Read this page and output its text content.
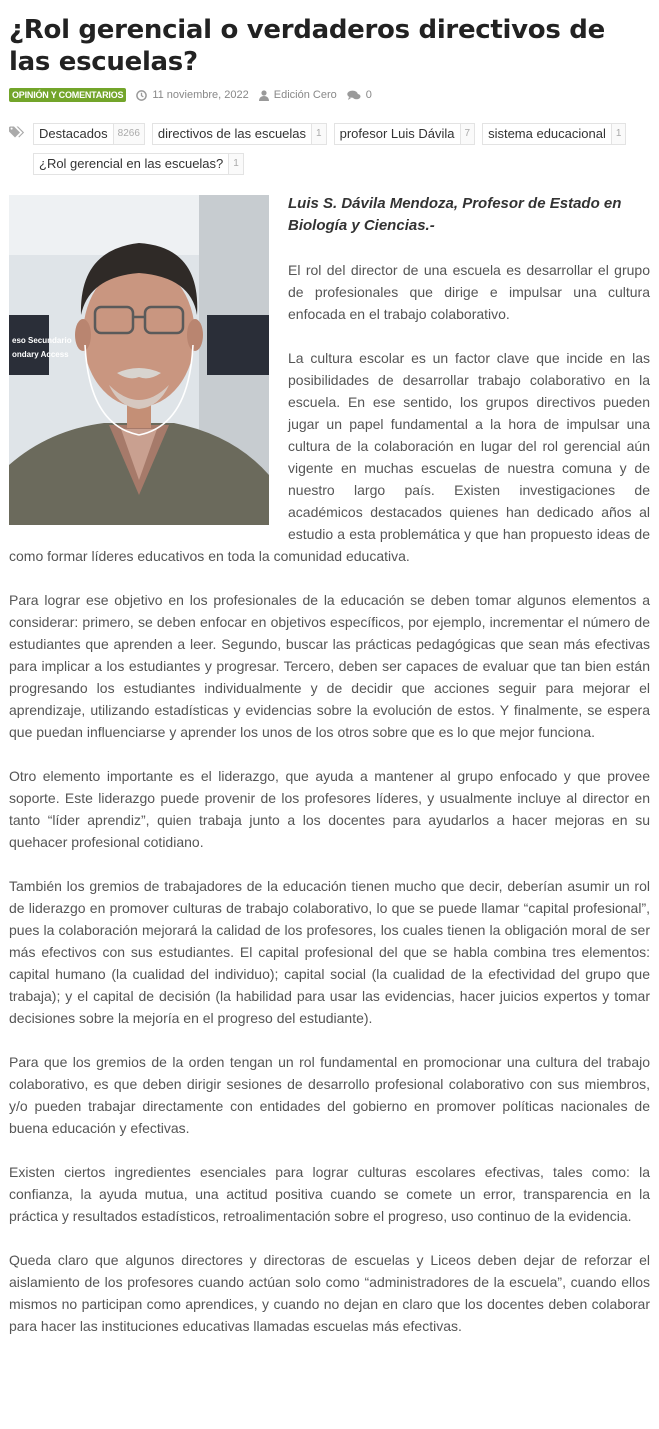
¿Rol gerencial o verdaderos directivos de las escuelas?
OPINIÓN Y COMENTARIOS	11 noviembre, 2022 Edición Cero	0
Destacados	8266	directivos de las escuelas	1	profesor Luis Dávila	7	sistema educacional	1
¿Rol gerencial en las escuelas?	1
eso Secundario
ondary Access
Luis S. Dávila Mendoza, Profesor de Estado en Biología y Ciencias.-

El rol del director de una escuela es desarrollar el grupo de profesionales que dirige e impulsar una cultura enfocada en el trabajo colaborativo.

La cultura escolar es un factor clave que incide en las posibilidades de desarrollar trabajo colaborativo en la escuela. En ese sentido, los grupos directivos pueden jugar un papel fundamental a la hora de impulsar una cultura de la colaboración en lugar del rol gerencial aún vigente en muchas escuelas de nuestra comuna y de nuestro largo país. Existen investigaciones de académicos destacados quienes han dedicado años al estudio a esta problemática y que han propuesto ideas de como formar líderes educativos en toda la comunidad educativa.

Para lograr ese objetivo en los profesionales de la educación se deben tomar algunos elementos a considerar: primero, se deben enfocar en objetivos específicos, por ejemplo, incrementar el número de estudiantes que aprenden a leer. Segundo, buscar las prácticas pedagógicas que sean más efectivas para implicar a los estudiantes y progresar. Tercero, deben ser capaces de evaluar que tan bien están progresando los estudiantes individualmente y de decidir que acciones seguir para mejorar el aprendizaje, utilizando estadísticas y evidencias sobre la evolución de estos. Y finalmente, se espera que puedan influenciarse y aprender los unos de los otros sobre que es lo que mejor funciona.

Otro elemento importante es el liderazgo, que ayuda a mantener al grupo enfocado y que provee soporte. Este liderazgo puede provenir de los profesores líderes, y usualmente incluye al director en tanto “líder aprendiz”, quien trabaja junto a los docentes para ayudarlos a hacer mejoras en su quehacer profesional cotidiano.

También los gremios de trabajadores de la educación tienen mucho que decir, deberían asumir un rol de liderazgo en promover culturas de trabajo colaborativo, lo que se puede llamar “capital profesional”, pues la colaboración mejorará la calidad de los profesores, los cuales tienen la obligación moral de ser más efectivos con sus estudiantes. El capital profesional del que se habla combina tres elementos: capital humano (la cualidad del individuo); capital social (la cualidad de la efectividad del grupo que trabaja); y el capital de decisión (la habilidad para usar las evidencias, hacer juicios expertos y tomar decisiones sobre la mejoría en el progreso del estudiante).

Para que los gremios de la orden tengan un rol fundamental en promocionar una cultura del trabajo colaborativo, es que deben dirigir sesiones de desarrollo profesional colaborativo con sus miembros, y/o pueden trabajar directamente con entidades del gobierno en promover políticas nacionales de buena educación y efectivas.

Existen ciertos ingredientes esenciales para lograr culturas escolares efectivas, tales como: la confianza, la ayuda mutua, una actitud positiva cuando se comete un error, transparencia en la práctica y resultados estadísticos, retroalimentación sobre el progreso, uso continuo de la evidencia.

Queda claro que algunos directores y directoras de escuelas y Liceos deben dejar de reforzar el aislamiento de los profesores cuando actúan solo como “administradores de la escuela”, cuando ellos mismos no participan como aprendices, y cuando no dejan en claro que los docentes deben colaborar para hacer las instituciones educativas llamadas escuelas más efectivas.
